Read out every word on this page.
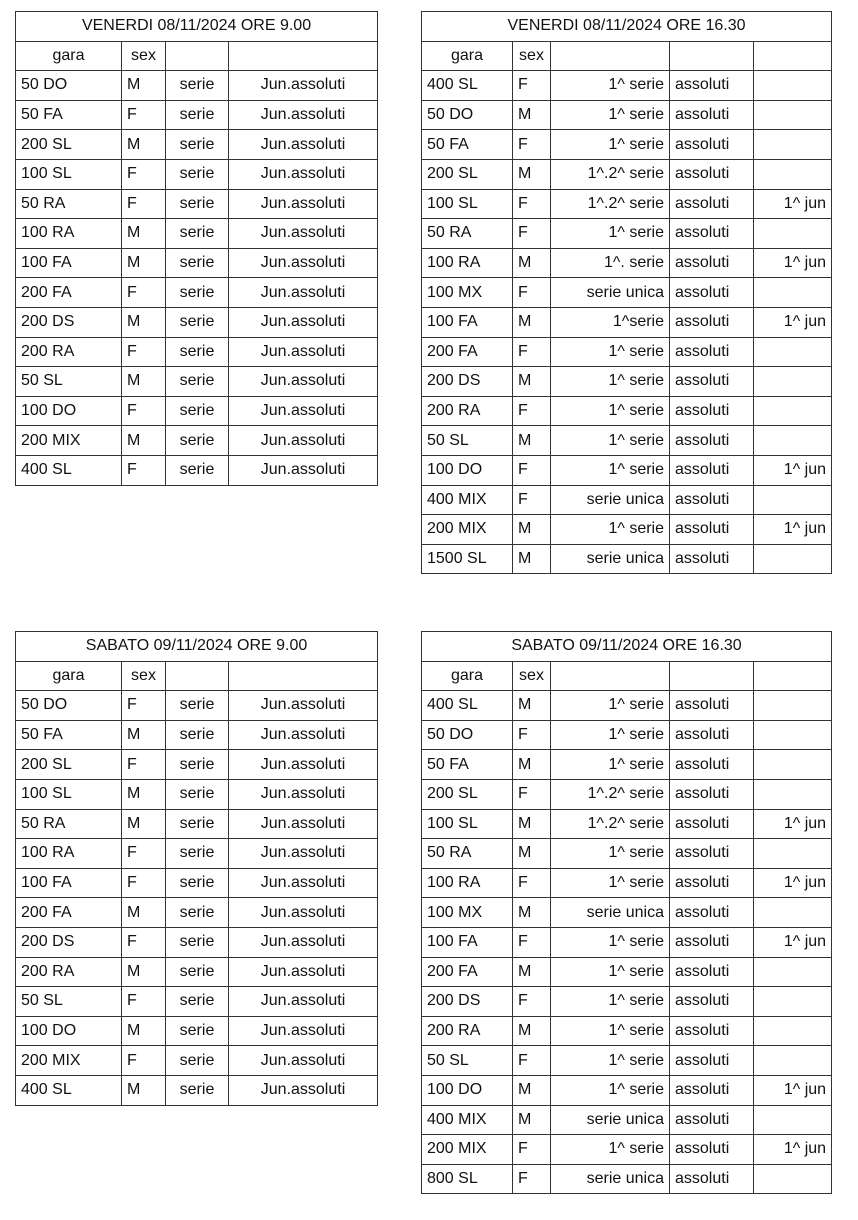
VENERDI 08/11/2024 ORE 9.00			
gara	sex		
50 DO	M	serie	Jun.assoluti
50 FA	F	serie	Jun.assoluti
200 SL	M	serie	Jun.assoluti
100 SL	F	serie	Jun.assoluti
50 RA	F	serie	Jun.assoluti
100 RA	M	serie	Jun.assoluti
100 FA	M	serie	Jun.assoluti
200 FA	F	serie	Jun.assoluti
200 DS	M	serie	Jun.assoluti
200 RA	F	serie	Jun.assoluti
50 SL	M	serie	Jun.assoluti
100 DO	F	serie	Jun.assoluti
200 MIX	M	serie	Jun.assoluti
400 SL	F	serie	Jun.assoluti
VENERDI 08/11/2024 ORE 16.30				
gara	sex			
400 SL	F	1^ serie	assoluti	
50 DO	M	1^ serie	assoluti	
50 FA	F	1^ serie	assoluti	
200 SL	M	1^.2^ serie	assoluti	
100 SL	F	1^.2^ serie	assoluti	1^ jun
50 RA	F	1^ serie	assoluti	
100 RA	M	1^. serie	assoluti	1^ jun
100 MX	F	serie unica	assoluti	
100 FA	M	1^serie	assoluti	1^ jun
200 FA	F	1^ serie	assoluti	
200 DS	M	1^ serie	assoluti	
200 RA	F	1^ serie	assoluti	
50 SL	M	1^ serie	assoluti	
100 DO	F	1^ serie	assoluti	1^ jun
400 MIX	F	serie unica	assoluti	
200 MIX	M	1^ serie	assoluti	1^ jun
1500 SL	M	serie unica	assoluti	
SABATO 09/11/2024 ORE 9.00			
gara	sex		
50 DO	F	serie	Jun.assoluti
50 FA	M	serie	Jun.assoluti
200 SL	F	serie	Jun.assoluti
100 SL	M	serie	Jun.assoluti
50 RA	M	serie	Jun.assoluti
100 RA	F	serie	Jun.assoluti
100 FA	F	serie	Jun.assoluti
200 FA	M	serie	Jun.assoluti
200 DS	F	serie	Jun.assoluti
200 RA	M	serie	Jun.assoluti
50 SL	F	serie	Jun.assoluti
100 DO	M	serie	Jun.assoluti
200 MIX	F	serie	Jun.assoluti
400 SL	M	serie	Jun.assoluti
SABATO 09/11/2024 ORE 16.30				
gara	sex			
400 SL	M	1^ serie	assoluti	
50 DO	F	1^ serie	assoluti	
50 FA	M	1^ serie	assoluti	
200 SL	F	1^.2^ serie	assoluti	
100 SL	M	1^.2^ serie	assoluti	1^ jun
50 RA	M	1^ serie	assoluti	
100 RA	F	1^ serie	assoluti	1^ jun
100 MX	M	serie unica	assoluti	
100 FA	F	1^ serie	assoluti	1^ jun
200 FA	M	1^ serie	assoluti	
200 DS	F	1^ serie	assoluti	
200 RA	M	1^ serie	assoluti	
50 SL	F	1^ serie	assoluti	
100 DO	M	1^ serie	assoluti	1^ jun
400 MIX	M	serie unica	assoluti	
200 MIX	F	1^ serie	assoluti	1^ jun
800 SL	F	serie unica	assoluti	
